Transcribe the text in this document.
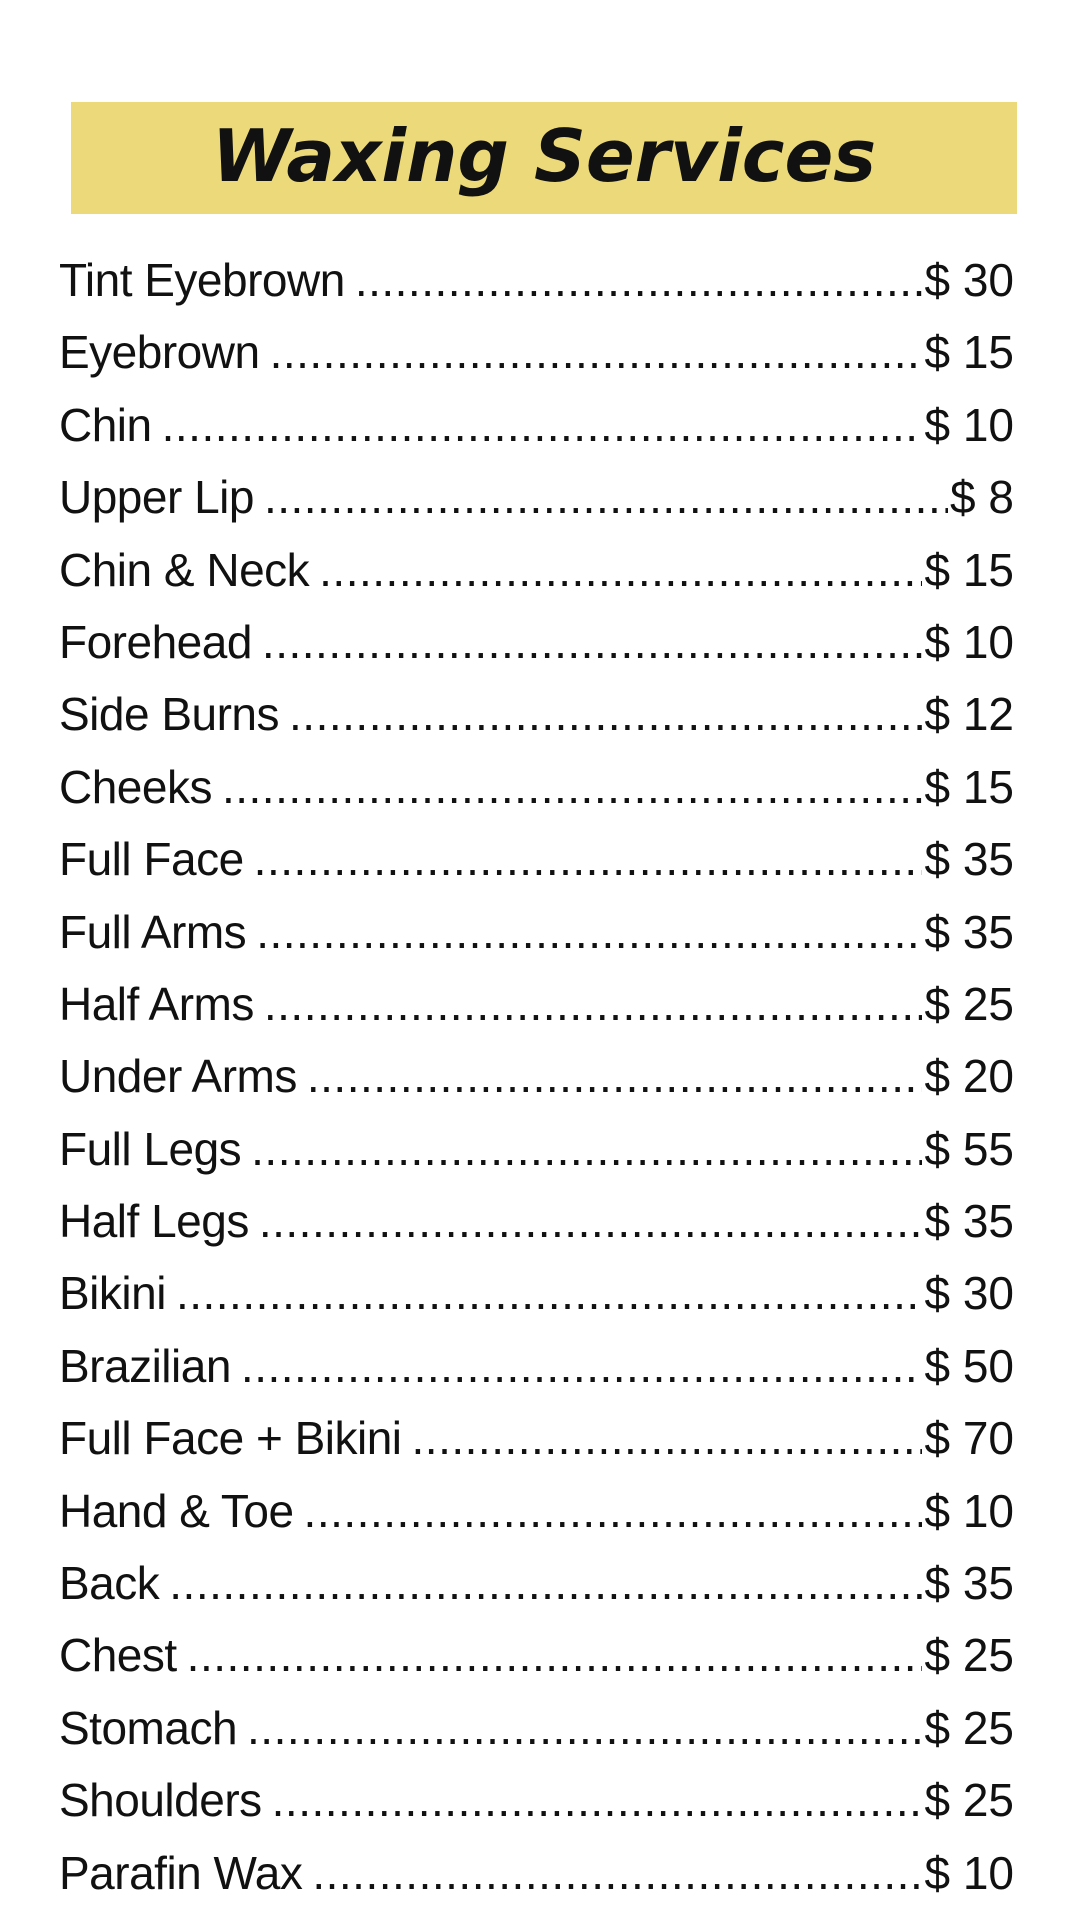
Waxing Services
Tint Eyebrown .....	$ 30
Eyebrown .....	$ 15
Chin .....	$ 10
Upper Lip .....	$ 8
Chin & Neck .....	$ 15
Forehead .....	$ 10
Side Burns .....	$ 12
Cheeks .....	$ 15
Full Face .....	$ 35
Full Arms .....	$ 35
Half Arms .....	$ 25
Under Arms .....	$ 20
Full Legs .....	$ 55
Half Legs .....	$ 35
Bikini .....	$ 30
Brazilian .....	$ 50
Full Face + Bikini .....	$ 70
Hand & Toe .....	$ 10
Back .....	$ 35
Chest .....	$ 25
Stomach .....	$ 25
Shoulders .....	$ 25
Parafin Wax .....	$ 10
